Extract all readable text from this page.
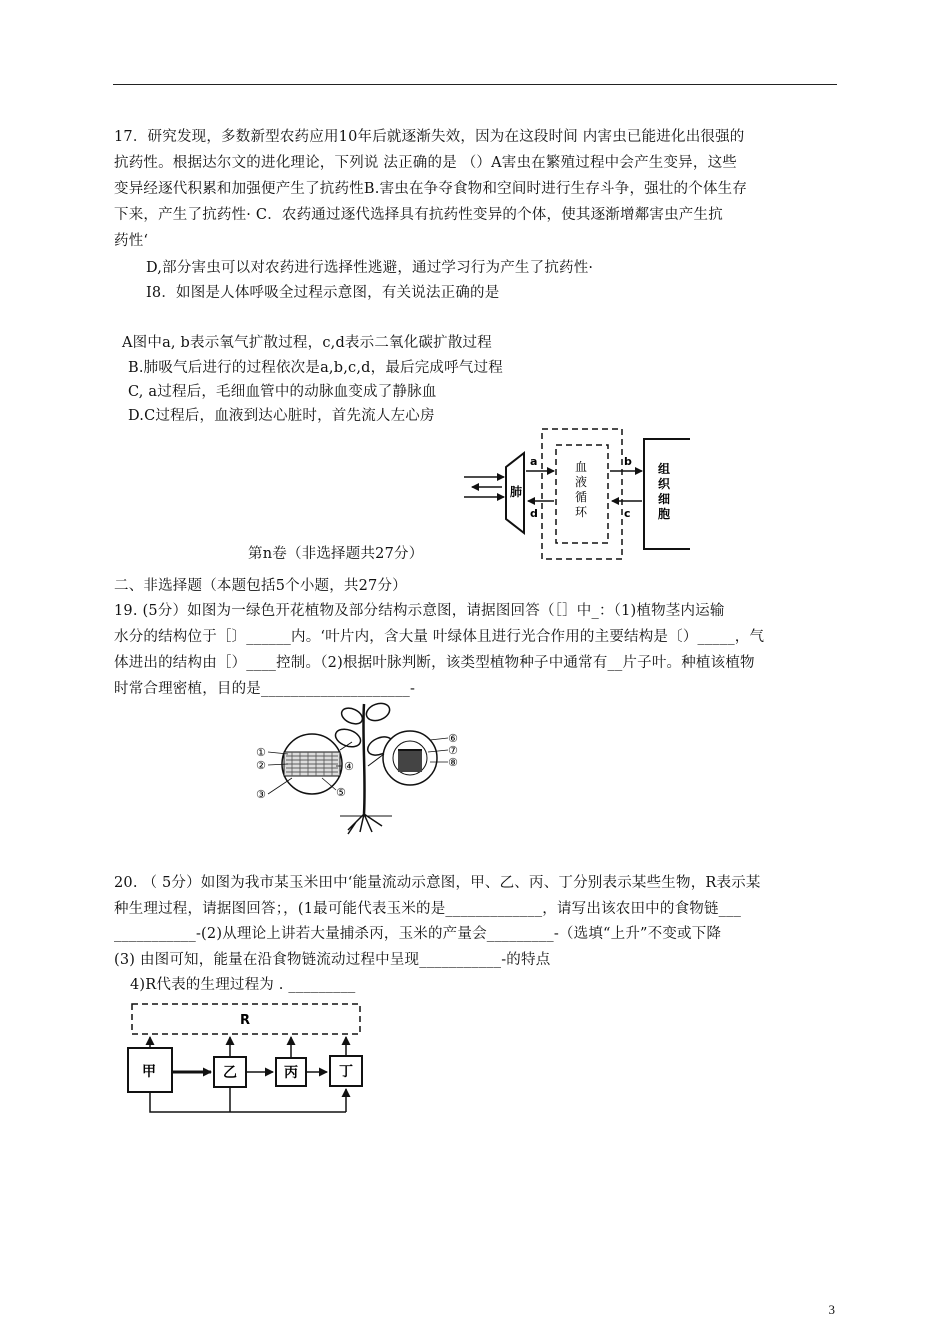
17．研究发现，多数新型农药应用10年后就逐渐失效，因为在这段时间 内害虫已能进化出很强的
抗药性。根据达尔文的进化理论，下列说 法正确的是 （）A害虫在繁殖过程中会产生变异，这些
变异经逐代积累和加强便产生了抗药性B.害虫在争夺食物和空间时进行生存斗争，强壮的个体生存
下来，产生了抗药性· C．农药通过逐代选择具有抗药性变异的个体，使其逐渐增鄰害虫产生抗
药性‘
D,部分害虫可以对农药进行选择性逃避，通过学习行为产生了抗药性·
I8．如图是人体呼吸全过程示意图，有关说法正确的是
A图中a, b表示氧气扩散过程，c,d表示二氧化碳扩散过程
B.肺吸气后进行的过程依次是a,b,c,d，最后完成呼气过程
C, a过程后，毛细血管中的动脉血变成了静脉血
D.C过程后，血液到达心脏时，首先流人左心房
肺
血
液
循
环
组
织
细
胞
a
d
b
c
第n卷（非选择题共27分）
二、非选择题（本题包括5个小题，共27分）
19. (5分）如图为一绿色开花植物及部分结构示意图，请据图回答（［］中_：（1)植物茎内运输
水分的结构位于［〕______内。‘叶片内，含大量 叶绿体且进行光合作用的主要结构是〔）_____，气
体进出的结构由［）____控制。（2)根据叶脉判断，该类型植物种子中通常有__片子叶。种植该植物
时常合理密植，目的是____________________-
①
②
③
④
⑤
⑥
⑦
⑧
20. （ 5分）如图为我市某玉米田中‘能量流动示意图，甲、乙、丙、丁分别表示某些生物，R表示某
种生理过程，请据图回答；，(1最可能代表玉米的是_____________，请写出该农田中的食物链___
___________-(2)从理论上讲若大量捕杀丙，玉米的产量会_________-（选填“上升”不变或下降
(3) 由图可知，能量在沿食物链流动过程中呈现___________-的特点
4)R代表的生理过程为 . _________
R
甲	乙	丙	丁
3
